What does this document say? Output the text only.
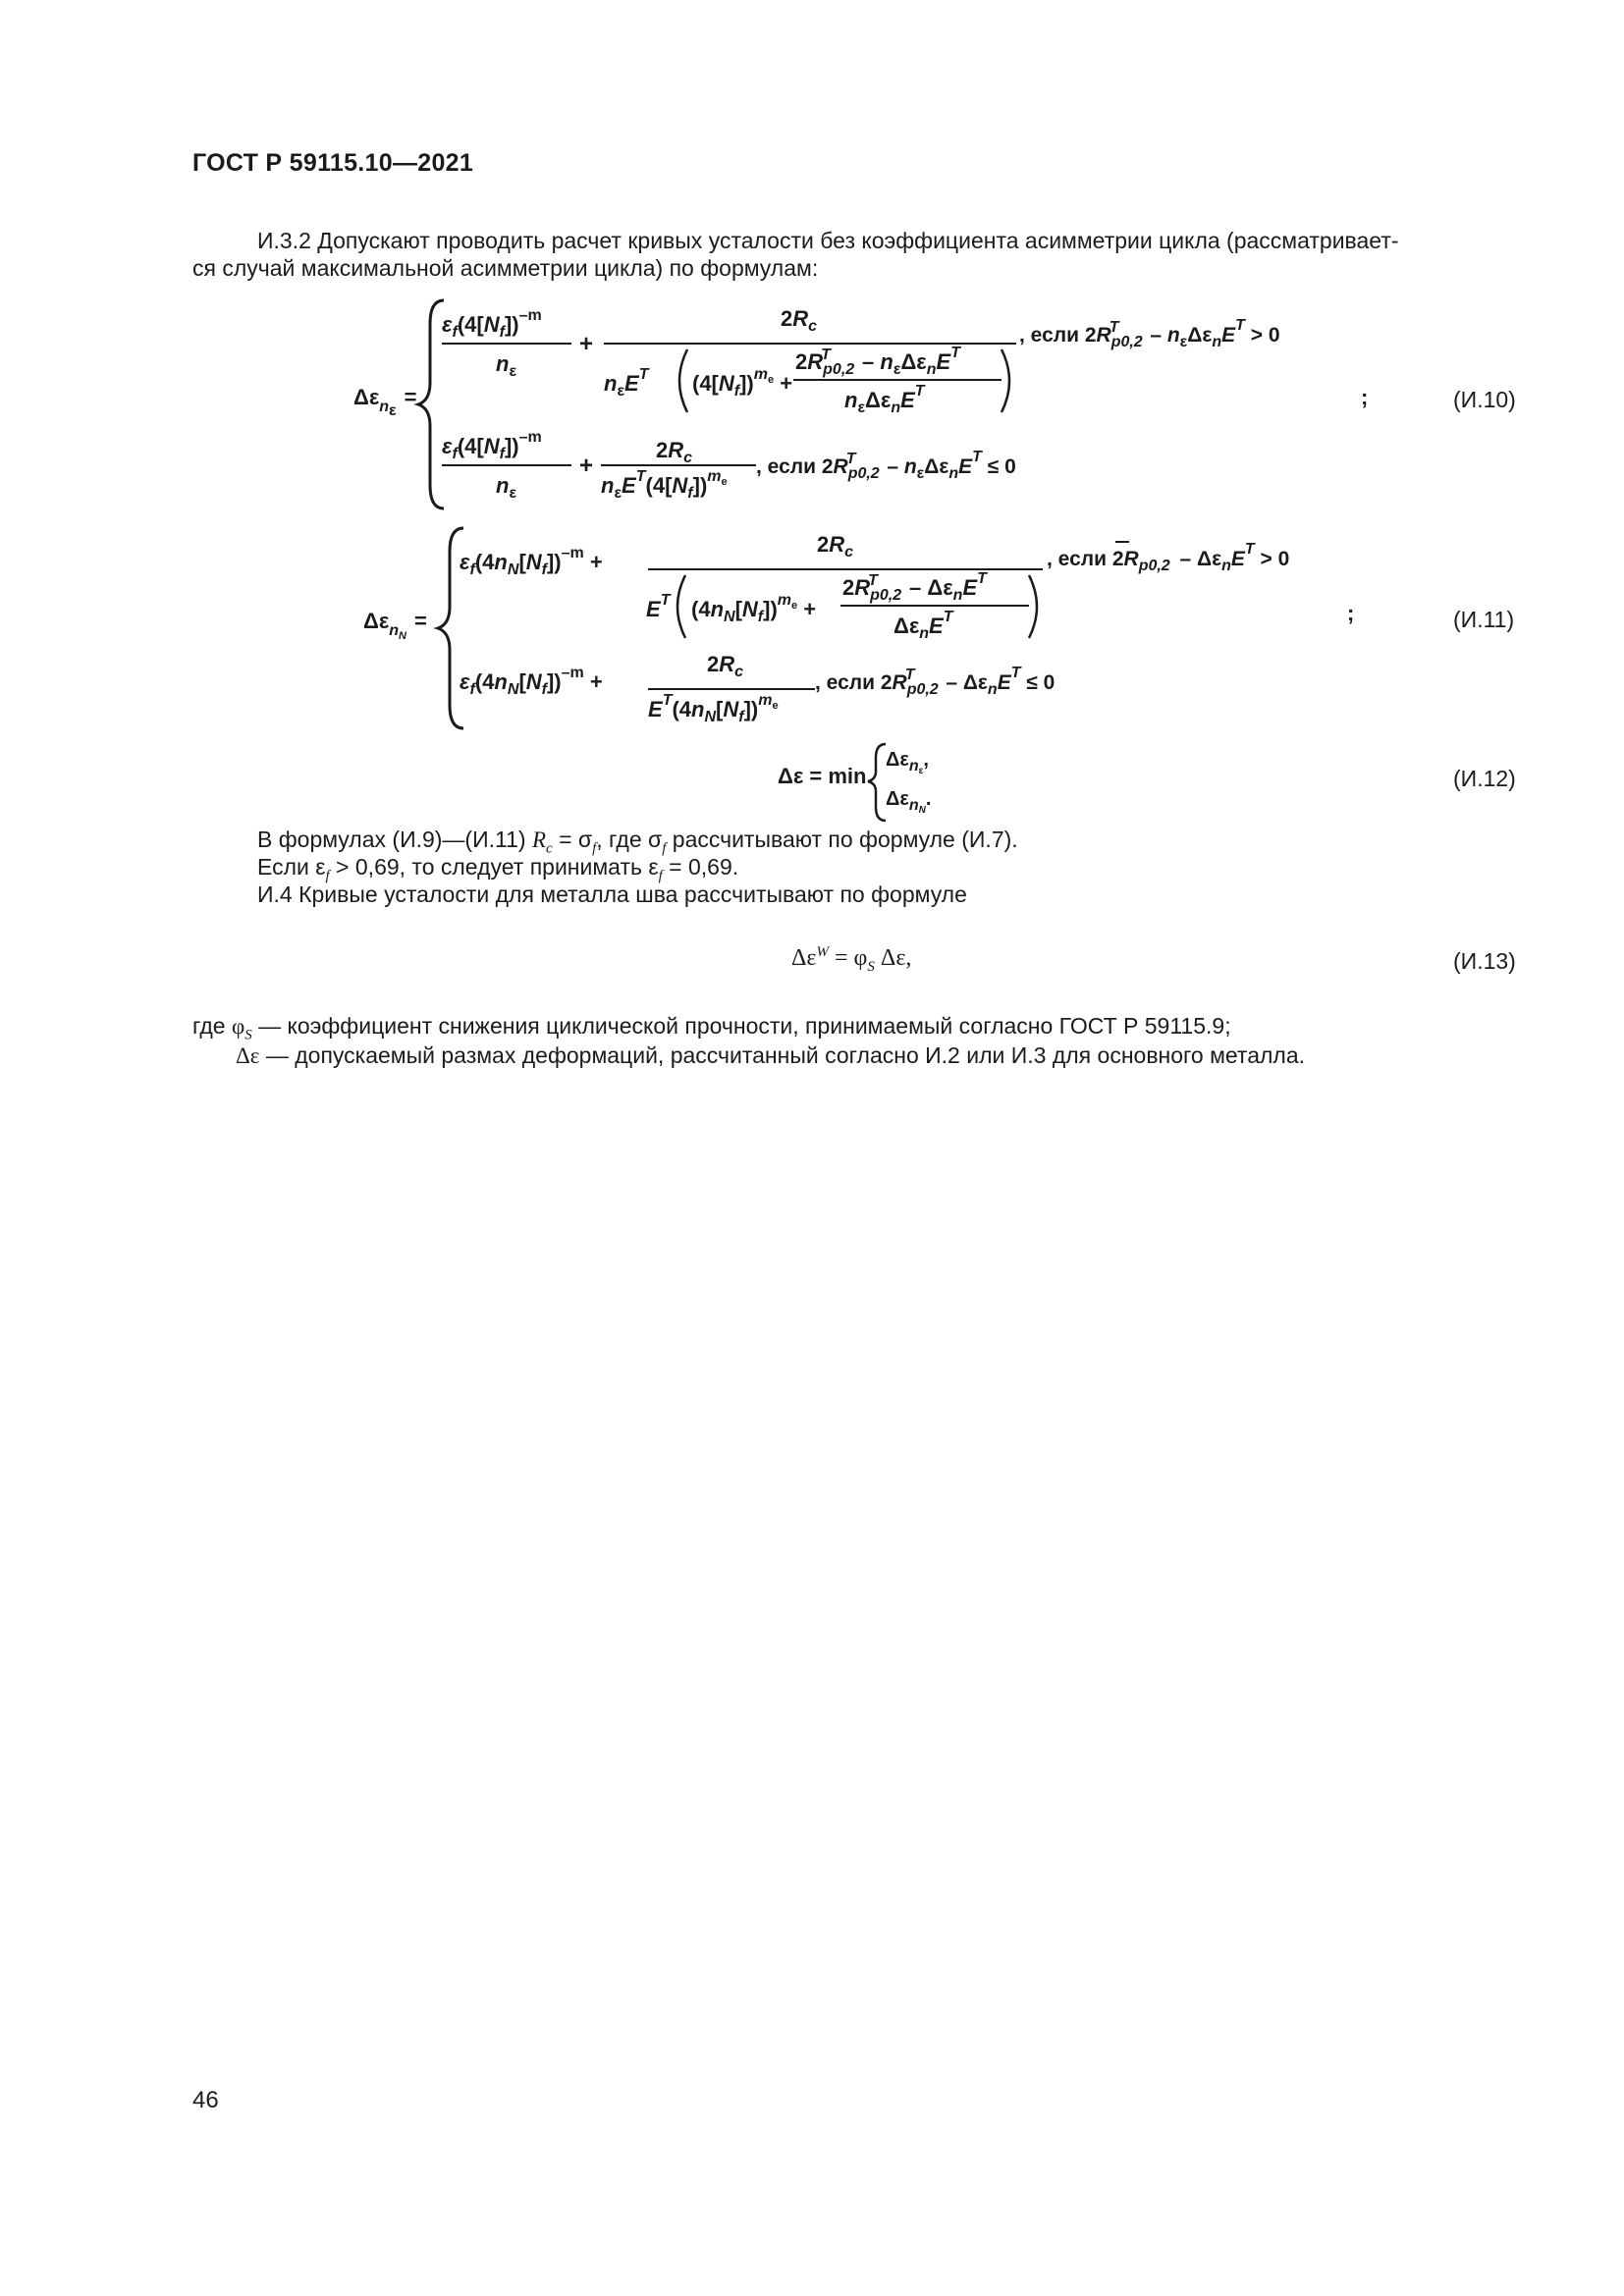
ГОСТ Р 59115.10—2021
И.3.2 Допускают проводить расчет кривых усталости без коэффициента асимметрии цикла (рассматривает-
ся случай максимальной асимметрии цикла) по формулам:
$\Delta\varepsilon_n\varepsilon=$
$\varepsilon_f(4[N_f])^{-m}$
$n_\varepsilon$
+
$2R_c$
$n_\varepsilon E^T$ $(4[N_f])^me$ +
$2R_{p0,2}T - n_\varepsilon\Delta\varepsilon_nE^T$
$n_\varepsilon\Delta\varepsilon_nE^T$
, если $2R_{p0,2}T - n_\varepsilon\Delta\varepsilon_nE^T > 0$
$\varepsilon_f(4[N_f])^{-m}$
$n_\varepsilon$
+
$2R_c$
$n_\varepsilon E^T(4[N_f])^me$
, если $2R_{p0,2}T - n_\varepsilon\Delta\varepsilon_nE^T \le 0$
;
$\Delta\varepsilon_nN=$
$\varepsilon_f(4n_N[N_f])^{-m}$ +
$2R_c$
$E^T$ $(4n_N[N_f])^me$ +
$2R_{p0,2}T - \Delta\varepsilon_nE^T$
$\Delta\varepsilon_nE^T$
, если $2R_{p0,2} - \Delta\varepsilon_nE^T > 0$
$\varepsilon_f(4n_N[N_f])^{-m}$ +
$2R_c$
$E^T(4n_N[N_f])^me$
, если $2R_{p0,2}T - \Delta\varepsilon_nE^T \le 0$
;
Δε = min
$\Delta\varepsilon_n\varepsilon$,
$\Delta\varepsilon_nN$.
(И.10)
(И.11)
(И.12)
В формулах (И.9)—(И.11) $R_c = \sigma_f$, где $\sigma_f$ рассчитывают по формуле (И.7).
Если $\varepsilon_f > 0,69$, то следует принимать $\varepsilon_f = 0,69$.
И.4 Кривые усталости для металла шва рассчитывают по формуле
$\Delta\varepsilon^W = \varphi_S$ Δε,	(И.13)
где $\varphi_S$ — коэффициент снижения циклической прочности, принимаемый согласно ГОСТ Р 59115.9;
Δε — допускаемый размах деформаций, рассчитанный согласно И.2 или И.3 для основного металла.
46
